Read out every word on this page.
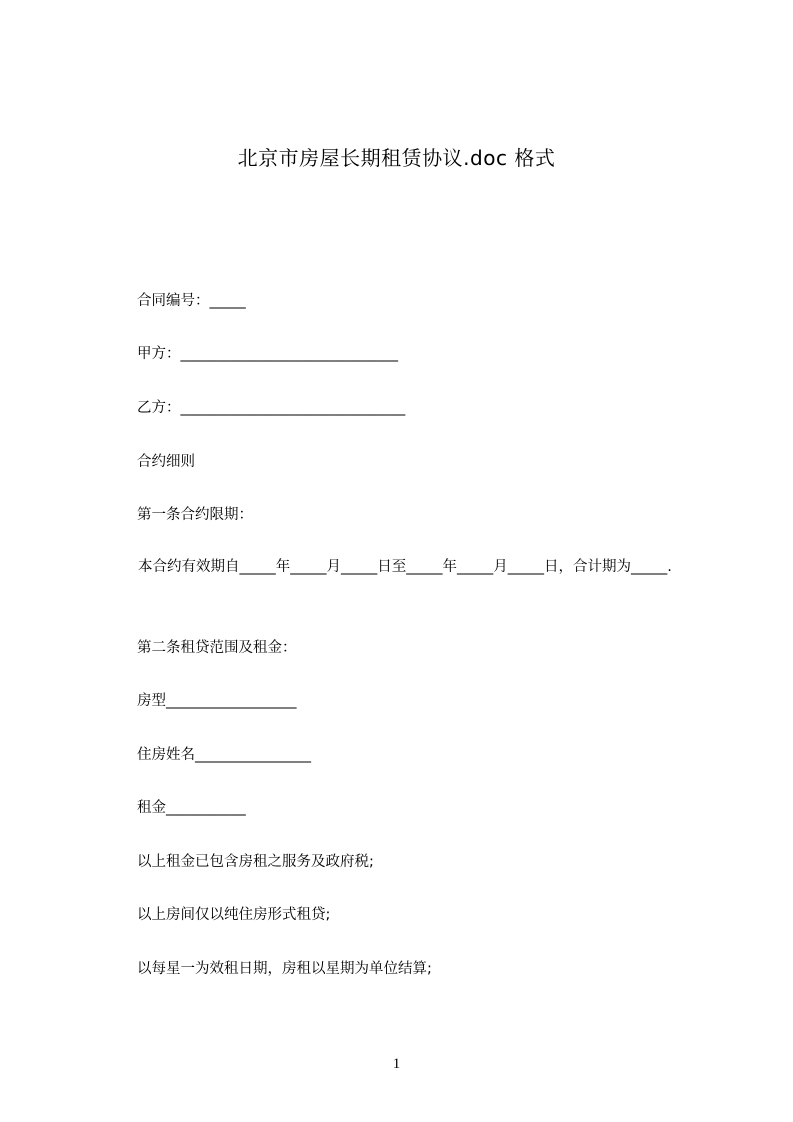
北京市房屋长期租赁协议.doc 格式
合同编号：_____
甲方：______________________________
乙方：_______________________________
合约细则
第一条合约限期：
本合约有效期自_____年_____月_____日至_____年_____月_____日，合计期为_____.
第二条租贷范围及租金：
房型__________________
住房姓名________________
租金___________
以上租金已包含房租之服务及政府税;
以上房间仅以纯住房形式租贷;
以每星一为效租日期，房租以星期为单位结算;
1
